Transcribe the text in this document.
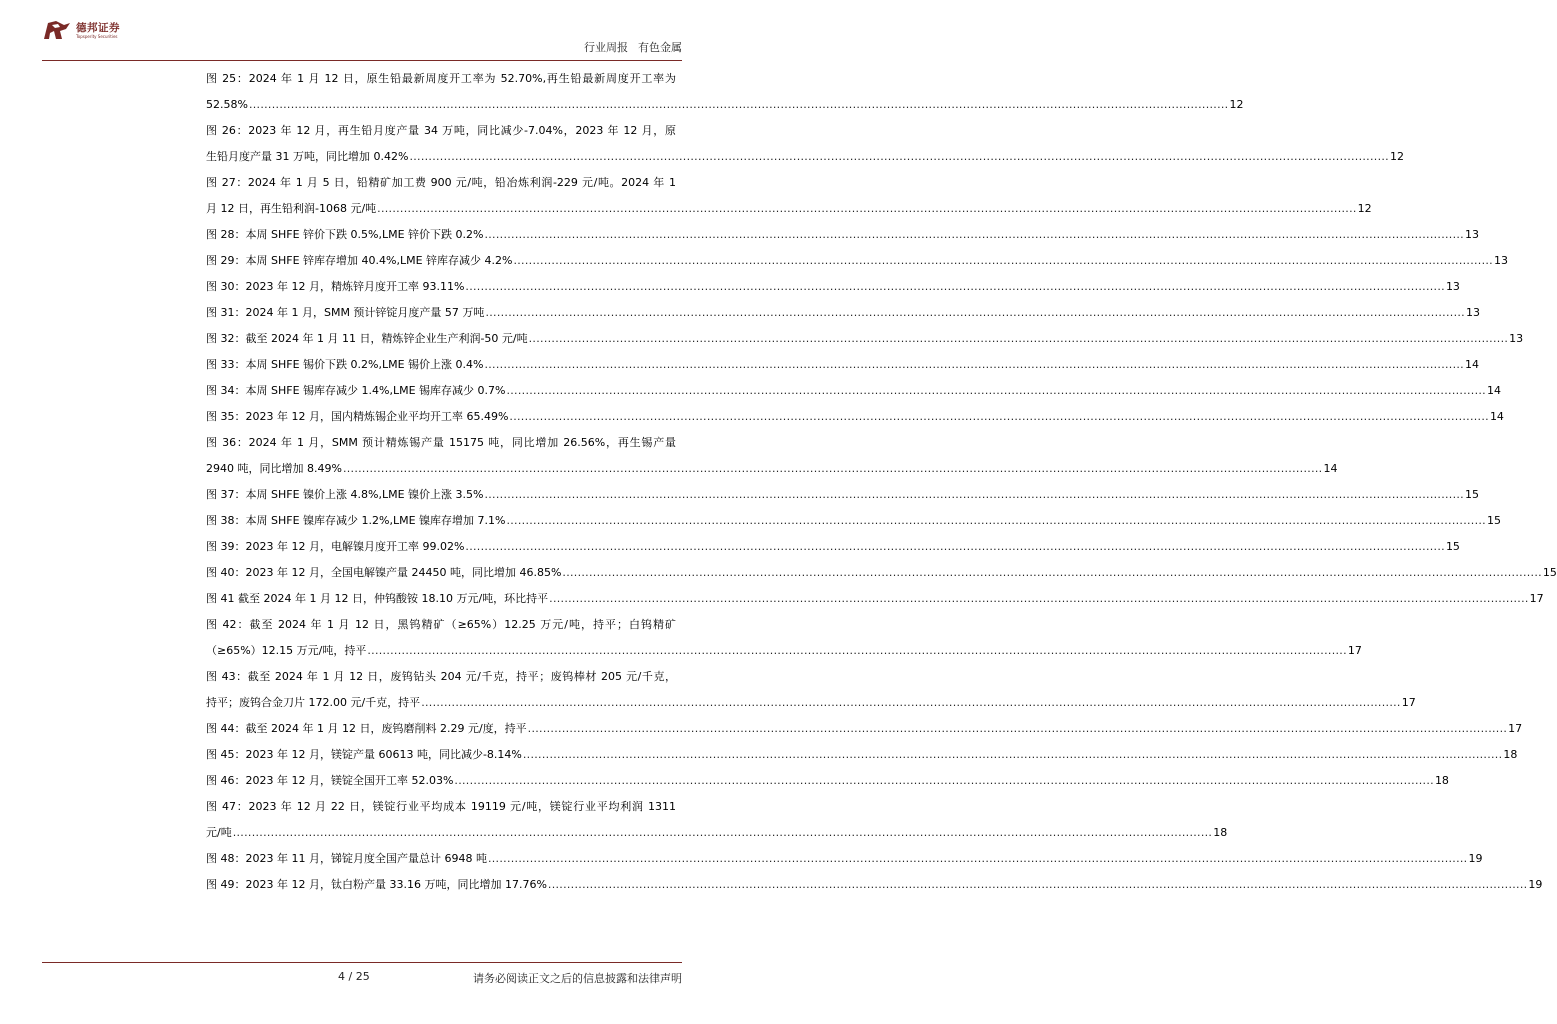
德邦证券
Topsperity Securities
行业周报 有色金属
图 25：2024 年 1 月 12 日，原生铅最新周度开工率为 52.70%,再生铅最新周度开工率为
52.58% .....	12
图 26：2023 年 12 月，再生铅月度产量 34 万吨，同比减少-7.04%，2023 年 12 月，原
生铅月度产量 31 万吨，同比增加 0.42% .....	12
图 27：2024 年 1 月 5 日，铅精矿加工费 900 元/吨，铅冶炼利润-229 元/吨。2024 年 1
月 12 日，再生铅利润-1068 元/吨 .....	12
图 28：本周 SHFE 锌价下跌 0.5%,LME 锌价下跌 0.2% .....	13
图 29：本周 SHFE 锌库存增加 40.4%,LME 锌库存减少 4.2% .....	13
图 30：2023 年 12 月，精炼锌月度开工率 93.11% .....	13
图 31：2024 年 1 月，SMM 预计锌锭月度产量 57 万吨 .....	13
图 32：截至 2024 年 1 月 11 日，精炼锌企业生产利润-50 元/吨 .....	13
图 33：本周 SHFE 锡价下跌 0.2%,LME 锡价上涨 0.4% .....	14
图 34：本周 SHFE 锡库存减少 1.4%,LME 锡库存减少 0.7% .....	14
图 35：2023 年 12 月，国内精炼锡企业平均开工率 65.49% .....	14
图 36：2024 年 1 月，SMM 预计精炼锡产量 15175 吨，同比增加 26.56%，再生锡产量
2940 吨，同比增加 8.49% .....	14
图 37：本周 SHFE 镍价上涨 4.8%,LME 镍价上涨 3.5% .....	15
图 38：本周 SHFE 镍库存减少 1.2%,LME 镍库存增加 7.1% .....	15
图 39：2023 年 12 月，电解镍月度开工率 99.02% .....	15
图 40：2023 年 12 月，全国电解镍产量 24450 吨，同比增加 46.85% .....	15
图 41 截至 2024 年 1 月 12 日，仲钨酸铵 18.10 万元/吨，环比持平 .....	17
图 42：截至 2024 年 1 月 12 日，黑钨精矿（≥65%）12.25 万元/吨，持平；白钨精矿
（≥65%）12.15 万元/吨，持平 .....	17
图 43：截至 2024 年 1 月 12 日，废钨钻头 204 元/千克，持平；废钨棒材 205 元/千克，
持平；废钨合金刀片 172.00 元/千克，持平 .....	17
图 44：截至 2024 年 1 月 12 日，废钨磨削料 2.29 元/度，持平 .....	17
图 45：2023 年 12 月，镁锭产量 60613 吨，同比减少-8.14% .....	18
图 46：2023 年 12 月，镁锭全国开工率 52.03% .....	18
图 47：2023 年 12 月 22 日，镁锭行业平均成本 19119 元/吨，镁锭行业平均利润 1311
元/吨 .....	18
图 48：2023 年 11 月，锑锭月度全国产量总计 6948 吨 .....	19
图 49：2023 年 12 月，钛白粉产量 33.16 万吨，同比增加 17.76% .....	19
4 / 25	请务必阅读正文之后的信息披露和法律声明
